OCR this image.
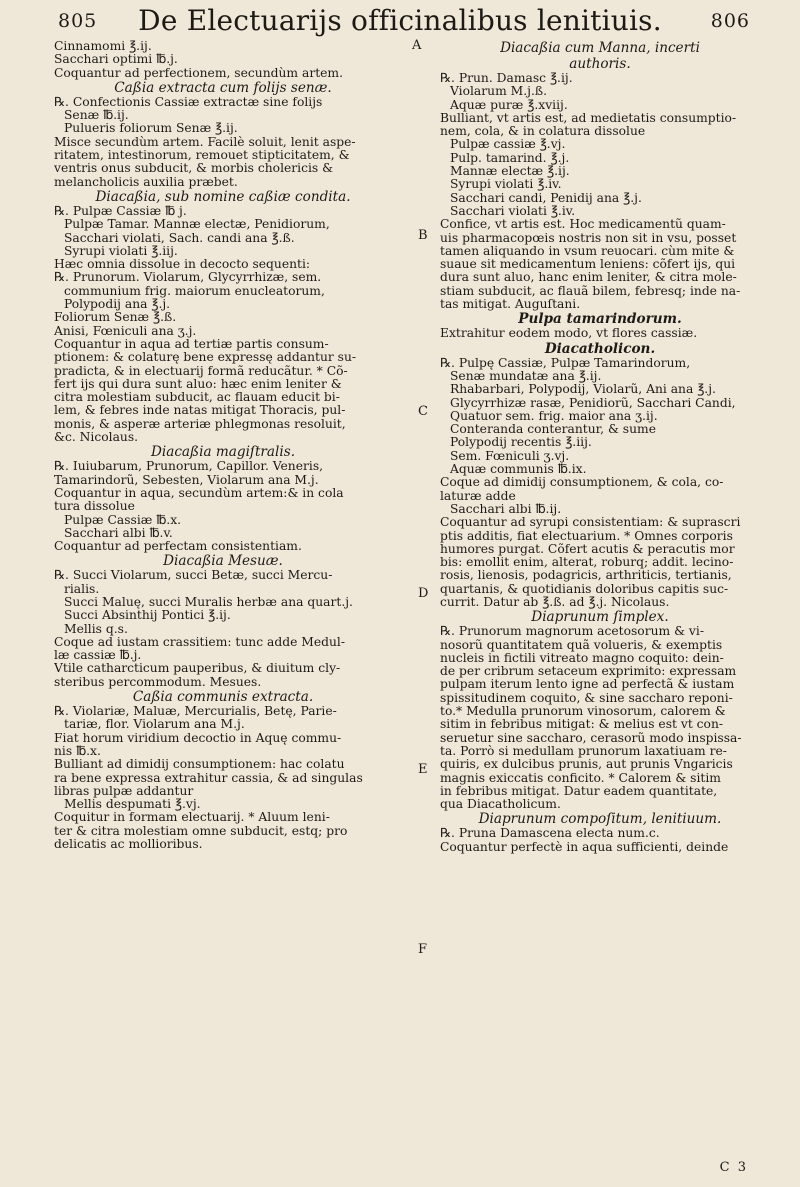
805	De Electuarijs officinalibus lenitiuis.	806
Cinnamomi ℥.ij.
Sacchari optimi ℔.j.
Coquantur ad perfectionem, secundùm artem.
Caßia extracta cum folijs senæ.
℞. Confectionis Cassiæ extractæ sine folijs
Senæ ℔.ij.
Pulueris foliorum Senæ ℥.ij.
Misce secundùm artem. Facilè soluit, lenit aspe-
ritatem, intestinorum, remouet stipticitatem, &
ventris onus subducit, & morbis cholericis &
melancholicis auxilia præbet.
Diacaßia, sub nomine caßiæ condita.
℞. Pulpæ Cassiæ ℔ j.
Pulpæ Tamar. Mannæ electæ, Penidiorum,
Sacchari violati, Sach. candi ana ℥.ß.
Syrupi violati ℥.iij.
Hæc omnia dissolue in decocto sequenti:
℞. Prunorum. Violarum, Glycyrrhizæ, sem.
communium frig. maiorum enucleatorum,
Polypodij ana ℥.j.
Foliorum Senæ ℥.ß.
Anisi, Fœniculi ana ʒ.j.
Coquantur in aqua ad tertiæ partis consum-
ptionem: & colaturę bene expressę addantur su-
pradicta, & in electuarij formã reducãtur. * Cõ-
fert ijs qui dura sunt aluo: hæc enim leniter &
citra molestiam subducit, ac flauam educit bi-
lem, & febres inde natas mitigat Thoracis, pul-
monis, & asperæ arteriæ phlegmonas resoluit,
&c. Nicolaus.
Diacaßia magiſtralis.
℞. Iuiubarum, Prunorum, Capillor. Veneris,
Tamarindorũ, Sebesten, Violarum ana M.j.
Coquantur in aqua, secundùm artem:& in cola
tura dissolue
Pulpæ Cassiæ ℔.x.
Sacchari albi ℔.v.
Coquantur ad perfectam consistentiam.
Diacaßia Mesuæ.
℞. Succi Violarum, succi Betæ, succi Mercu-
rialis.
Succi Maluę, succi Muralis herbæ ana quart.j.
Succi Absinthij Pontici ℥.ij.
Mellis q.s.
Coque ad iustam crassitiem: tunc adde Medul-
læ cassiæ ℔.j.
Vtile catharcticum pauperibus, & diuitum cly-
steribus percommodum. Mesues.
Caßia communis extracta.
℞. Violariæ, Maluæ, Mercurialis, Betę, Parie-
tariæ, flor. Violarum ana M.j.
Fiat horum viridium decoctio in Aquę commu-
nis ℔.x.
Bulliant ad dimidij consumptionem: hac colatu
ra bene expressa extrahitur cassia, & ad singulas
libras pulpæ addantur
Mellis despumati ℥.vj.
Coquitur in formam electuarij. * Aluum leni-
ter & citra molestiam omne subducit, estq; pro
delicatis ac mollioribus.
Diacaßia cum Manna, incerti
authoris.
℞. Prun. Damasc ℥.ij.
Violarum M.j.ß.
Aquæ puræ ℥.xviij.
Bulliant, vt artis est, ad medietatis consumptio-
nem, cola, & in colatura dissolue
Pulpæ cassiæ ℥.vj.
Pulp. tamarind. ℥.j.
Mannæ electæ ℥.ij.
Syrupi violati ℥.iv.
Sacchari candi, Penidij ana ℥.j.
Sacchari violati ℥.iv.
Confice, vt artis est. Hoc medicamentũ quam-
uis pharmacopœis nostris non sit in vsu, posset
tamen aliquando in vsum reuocari. cùm mite &
suaue sit medicamentum leniens: cõfert ijs, qui
dura sunt aluo, hanc enim leniter, & citra mole-
stiam subducit, ac flauã bilem, febresq; inde na-
tas mitigat. Auguſtani.
Pulpa tamarindorum.
Extrahitur eodem modo, vt flores cassiæ.
Diacatholicon.
℞. Pulpę Cassiæ, Pulpæ Tamarindorum,
Senæ mundatæ ana ℥.ij.
Rhabarbari, Polypodij, Violarũ, Ani ana ℥.j.
Glycyrrhizæ rasæ, Penidiorũ, Sacchari Candi,
Quatuor sem. frig. maior ana ʒ.ij.
Conteranda conterantur, & sume
Polypodij recentis ℥.iij.
Sem. Fœniculi ʒ.vj.
Aquæ communis ℔.ix.
Coque ad dimidij consumptionem, & cola, co-
laturæ adde
Sacchari albi ℔.ij.
Coquantur ad syrupi consistentiam: & suprascri
ptis additis, fiat electuarium. * Omnes corporis
humores purgat. Cõfert acutis & peracutis mor
bis: emollit enim, alterat, roburq; addit. lecino-
rosis, lienosis, podagricis, arthriticis, tertianis,
quartanis, & quotidianis doloribus capitis suc-
currit. Datur ab ℥.ß. ad ℥.j. Nicolaus.
Diaprunum ſimplex.
℞. Prunorum magnorum acetosorum & vi-
nosorũ quantitatem quã volueris, & exemptis
nucleis in fictili vitreato magno coquito: dein-
de per cribrum setaceum exprimito: expressam
pulpam iterum lento igne ad perfectã & iustam
spissitudinem coquito, & sine saccharo reponi-
to.* Medulla prunorum vinosorum, calorem &
sitim in febribus mitigat: & melius est vt con-
seruetur sine saccharo, cerasorũ modo inspissa-
ta. Porrò si medullam prunorum laxatiuam re-
quiris, ex dulcibus prunis, aut prunis Vngaricis
magnis exiccatis conficito. * Calorem & sitim
in febribus mitigat. Datur eadem quantitate,
qua Diacatholicum.
Diaprunum compoſitum, lenitiuum.
℞. Pruna Damascena electa num.c.
Coquantur perfectè in aqua sufficienti, deinde
A
B
C
D
E
F
C 3
